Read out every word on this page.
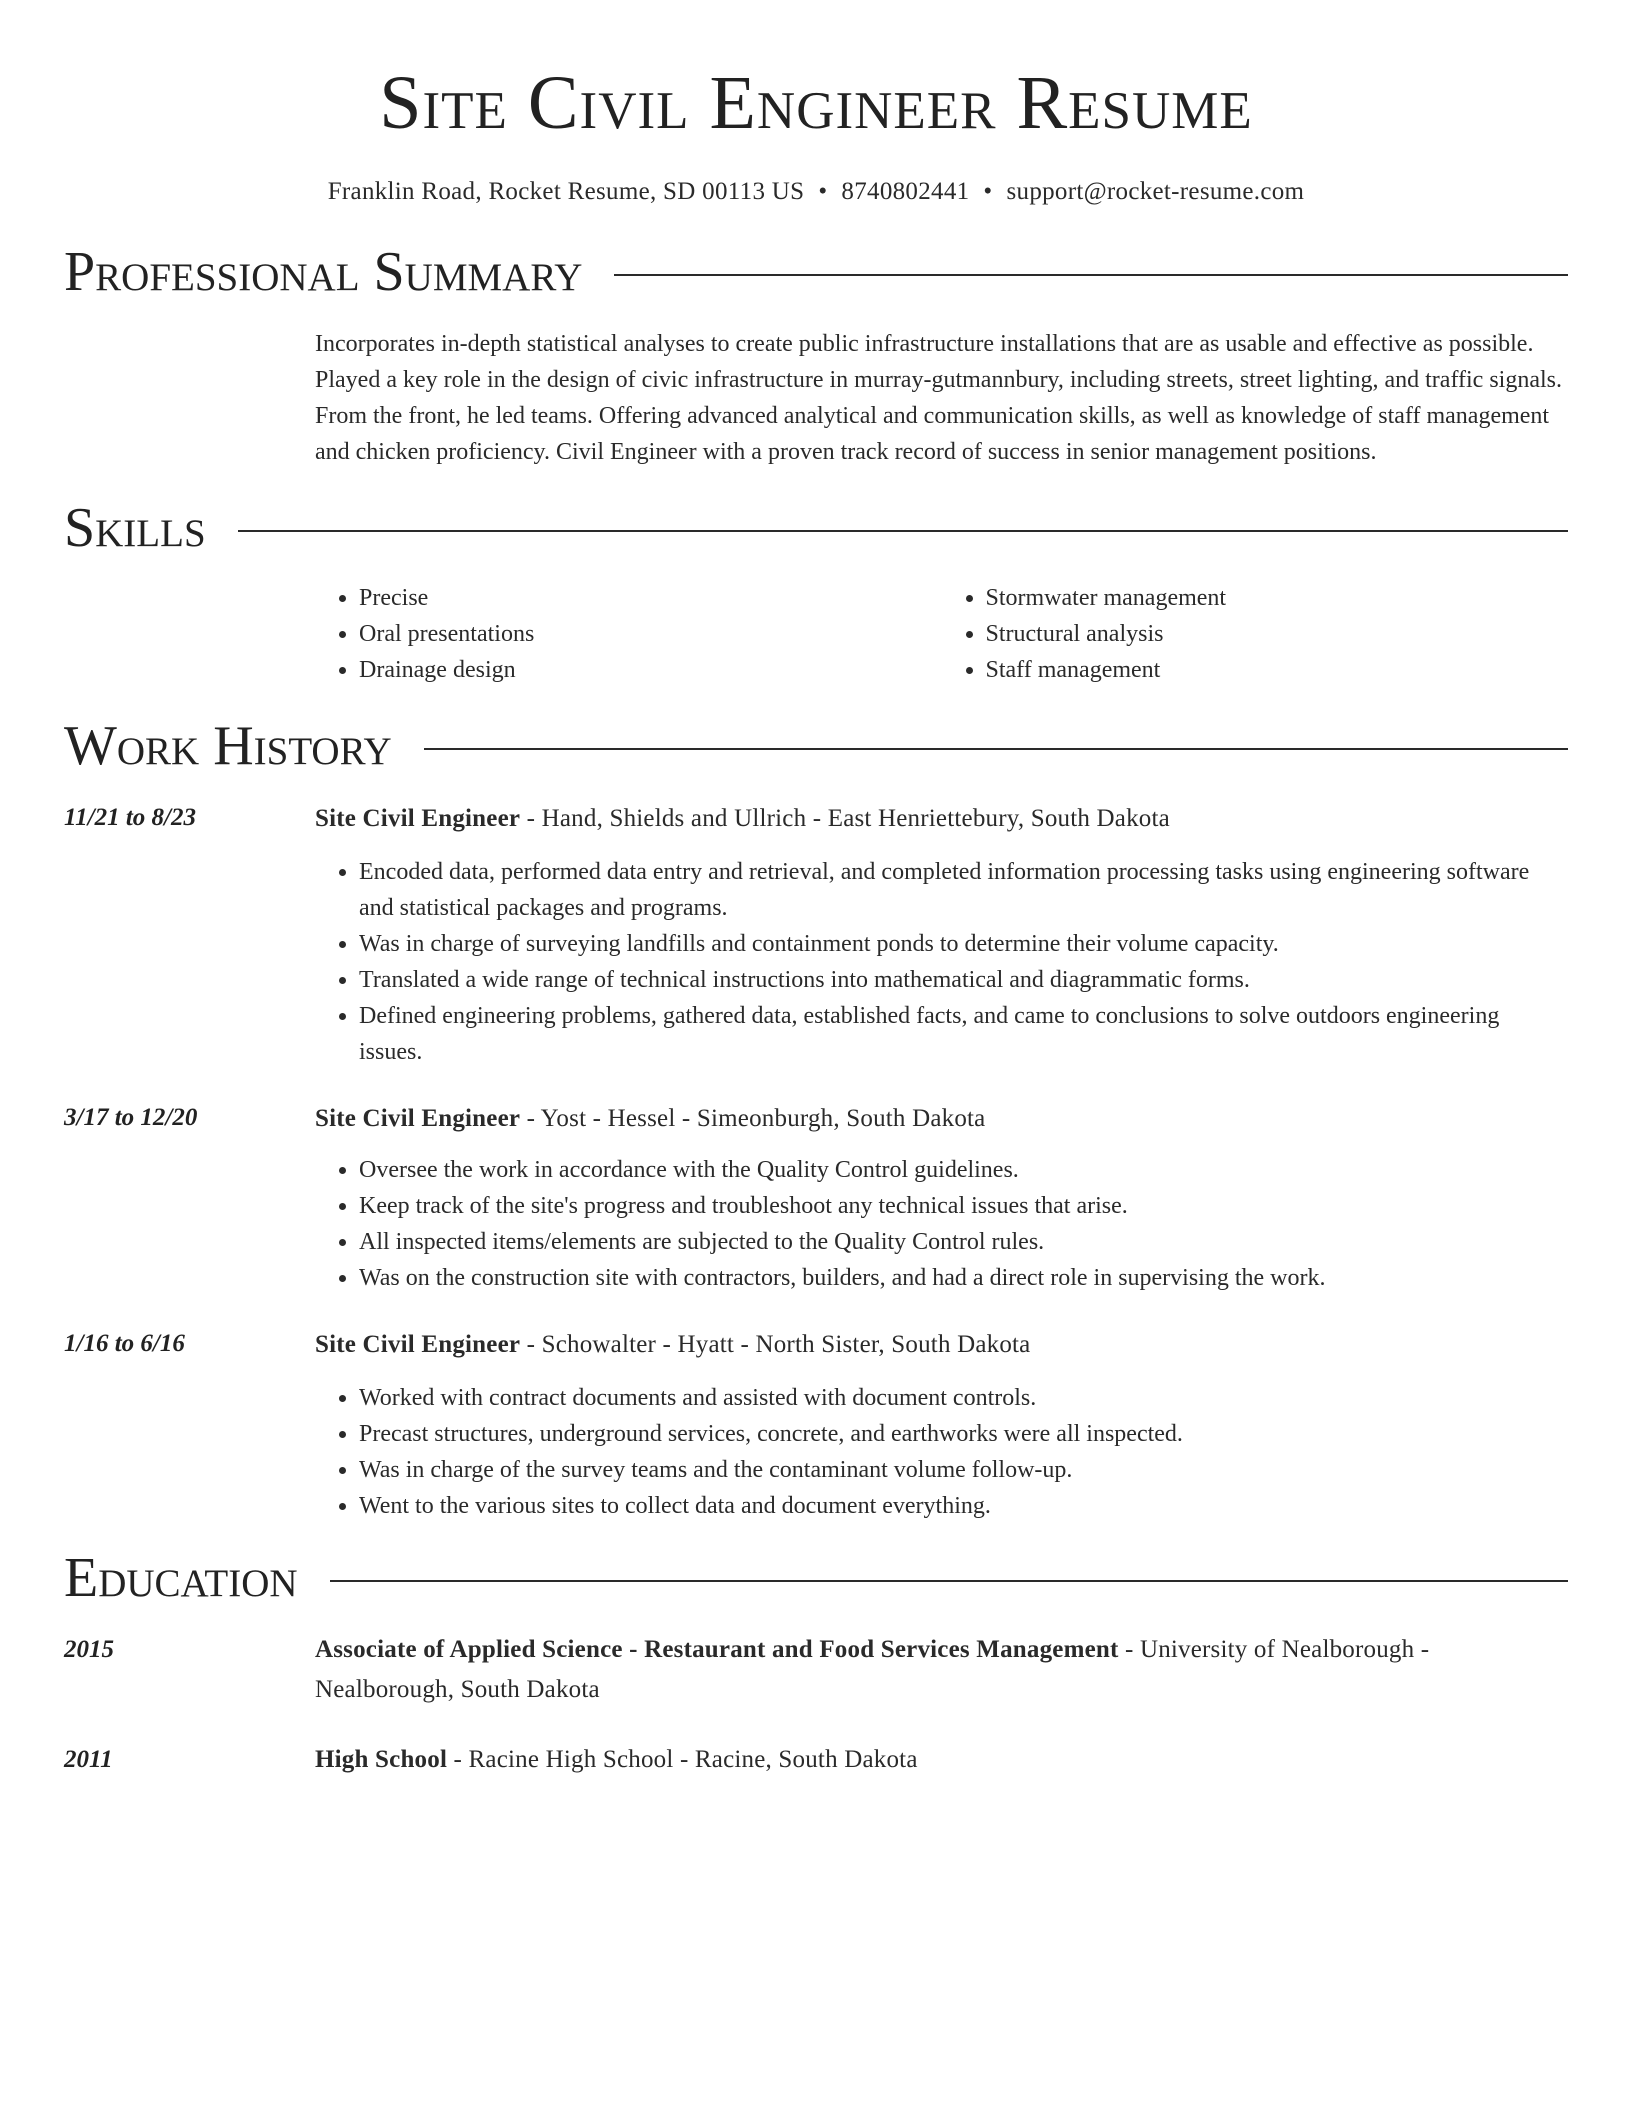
Site Civil Engineer Resume
Franklin Road, Rocket Resume, SD 00113 US • 8740802441 • support@rocket-resume.com
Professional Summary
Incorporates in-depth statistical analyses to create public infrastructure installations that are as usable and effective as possible. Played a key role in the design of civic infrastructure in murray-gutmannbury, including streets, street lighting, and traffic signals. From the front, he led teams. Offering advanced analytical and communication skills, as well as knowledge of staff management and chicken proficiency. Civil Engineer with a proven track record of success in senior management positions.
Skills
• Precise
• Oral presentations
• Drainage design
• Stormwater management
• Structural analysis
• Staff management
Work History
11/21 to 8/23	Site Civil Engineer - Hand, Shields and Ullrich - East Henriettebury, South Dakota
• Encoded data, performed data entry and retrieval, and completed information processing tasks using engineering software and statistical packages and programs.
• Was in charge of surveying landfills and containment ponds to determine their volume capacity.
• Translated a wide range of technical instructions into mathematical and diagrammatic forms.
• Defined engineering problems, gathered data, established facts, and came to conclusions to solve outdoors engineering issues.
3/17 to 12/20	Site Civil Engineer - Yost - Hessel - Simeonburgh, South Dakota
• Oversee the work in accordance with the Quality Control guidelines.
• Keep track of the site's progress and troubleshoot any technical issues that arise.
• All inspected items/elements are subjected to the Quality Control rules.
• Was on the construction site with contractors, builders, and had a direct role in supervising the work.
1/16 to 6/16	Site Civil Engineer - Schowalter - Hyatt - North Sister, South Dakota
• Worked with contract documents and assisted with document controls.
• Precast structures, underground services, concrete, and earthworks were all inspected.
• Was in charge of the survey teams and the contaminant volume follow-up.
• Went to the various sites to collect data and document everything.
Education
2015	Associate of Applied Science - Restaurant and Food Services Management - University of Nealborough - Nealborough, South Dakota
2011	High School - Racine High School - Racine, South Dakota
